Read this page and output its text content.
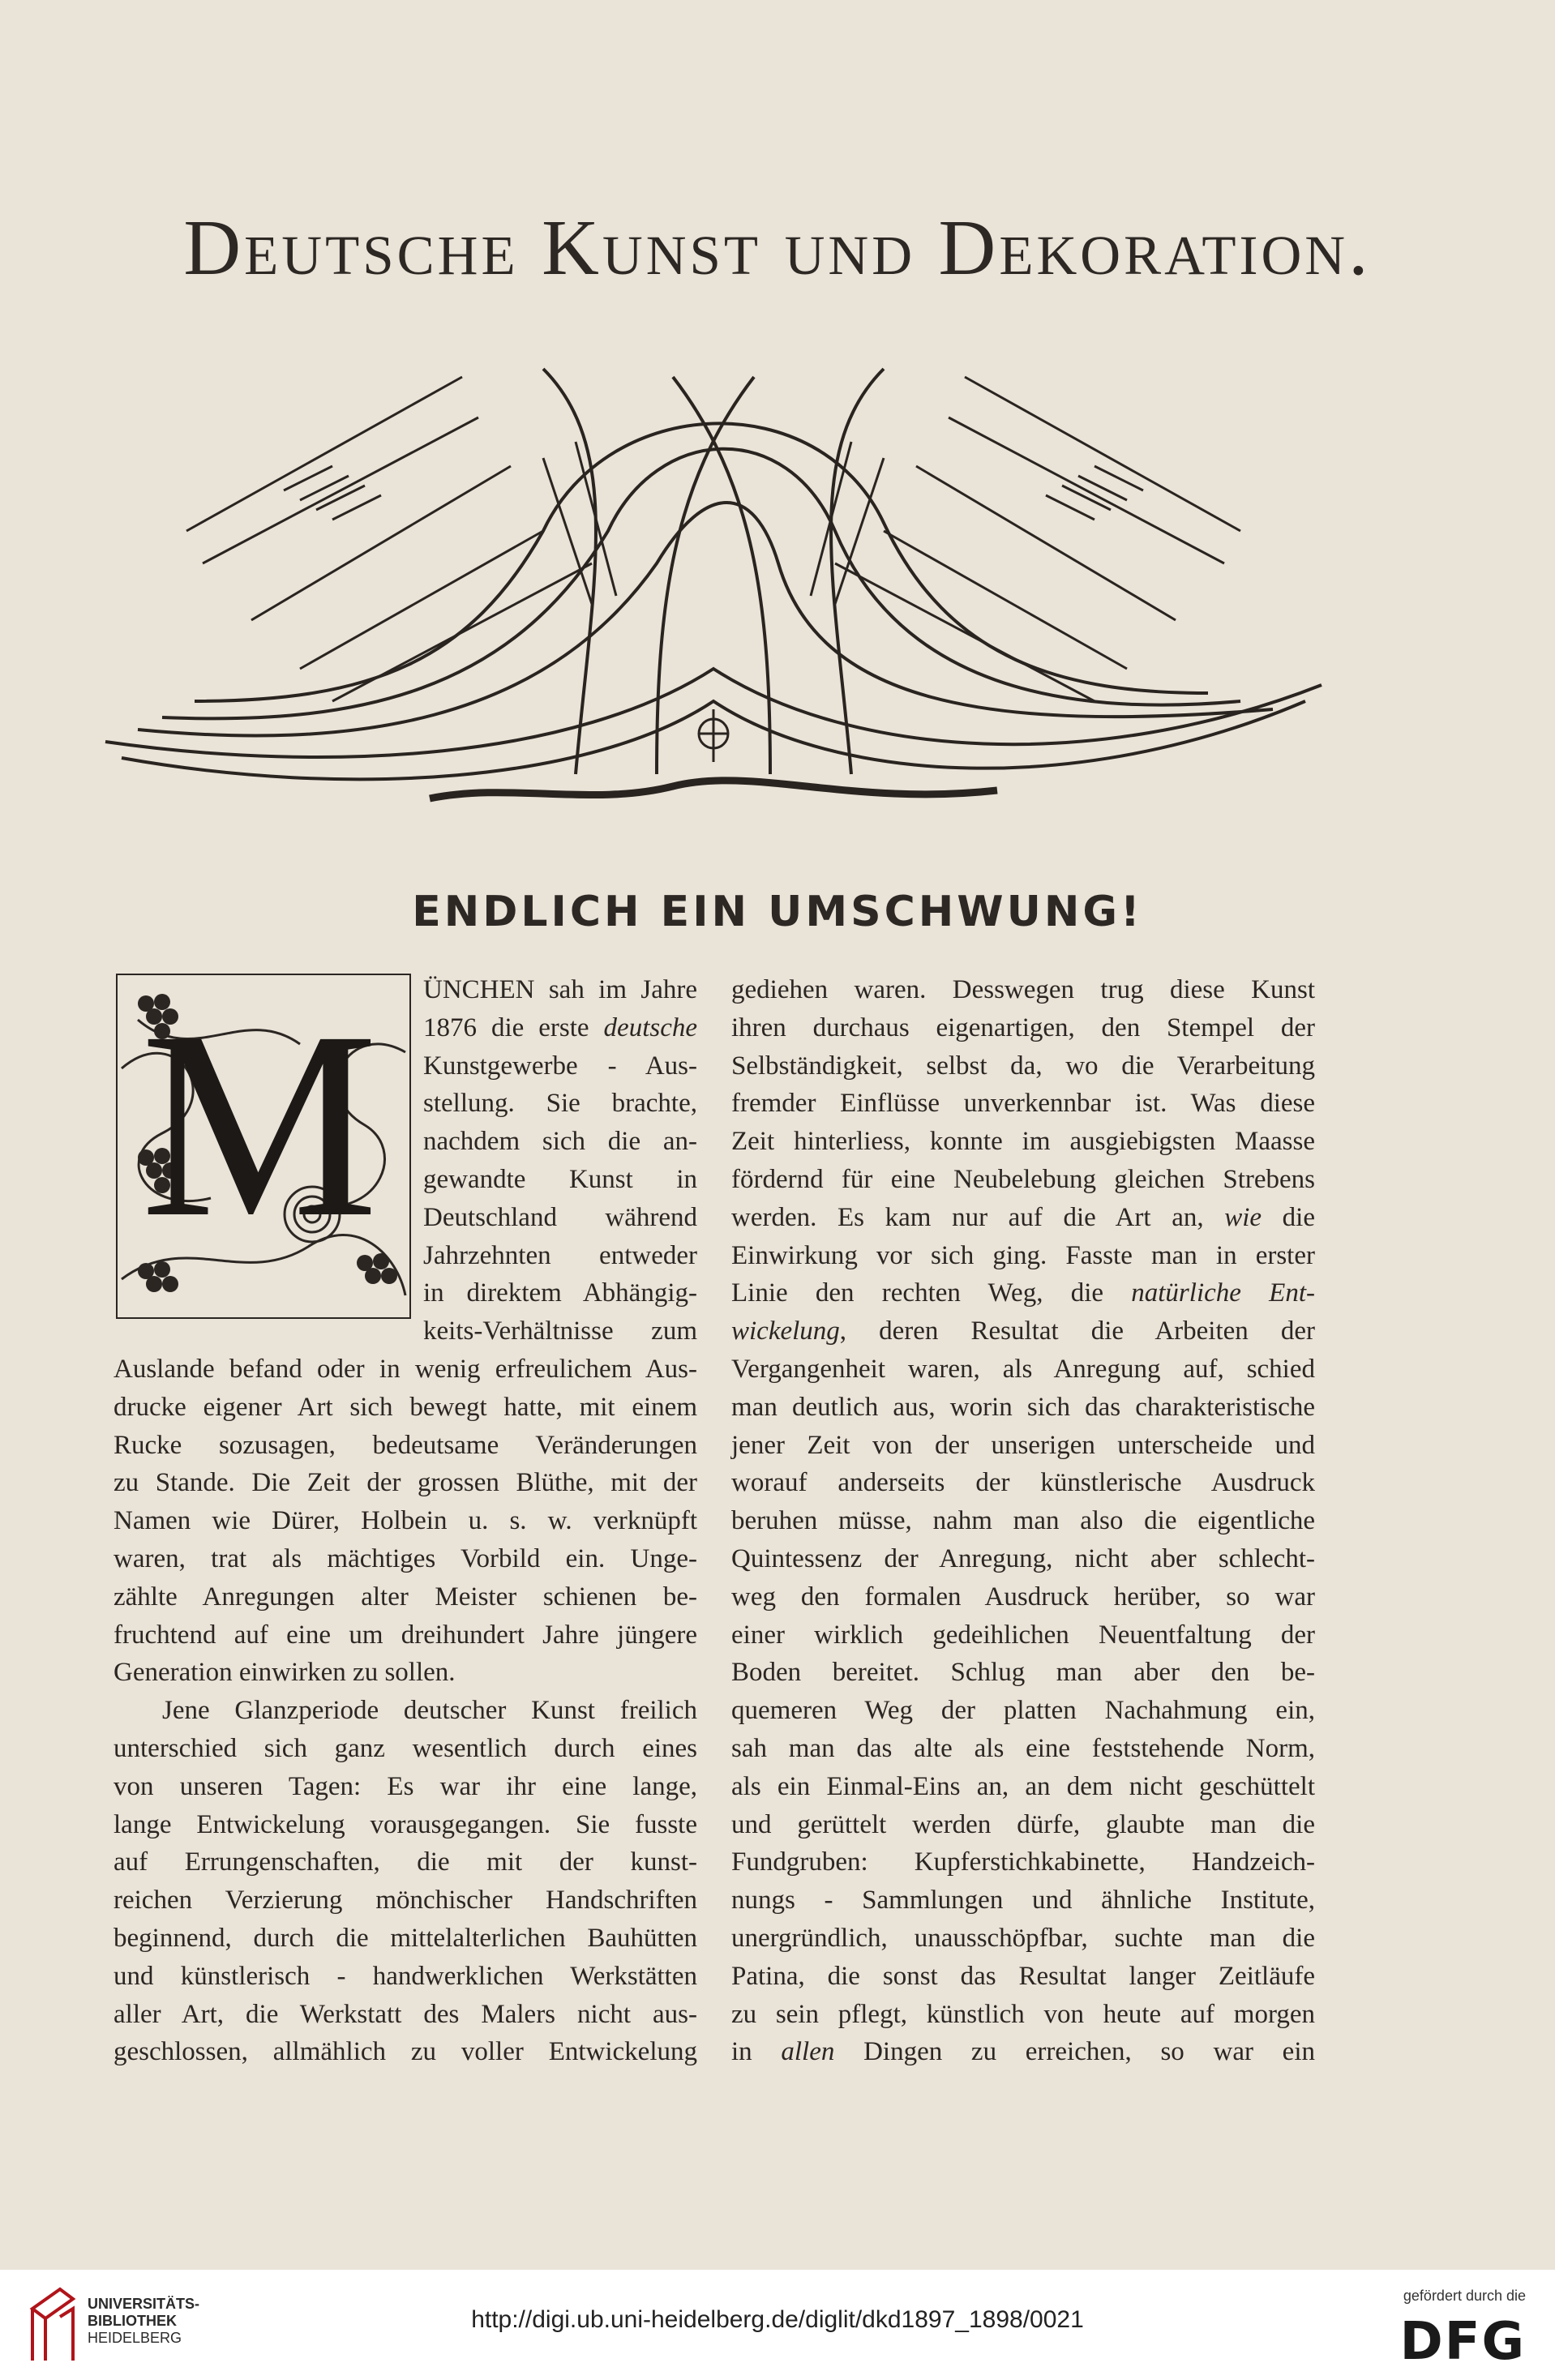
Deutsche Kunst und Dekoration.
ENDLICH EIN UMSCHWUNG!
M	ÜNCHEN sah im Jahre
1876 die erste deutsche
Kunstgewerbe - Aus-
stellung. Sie brachte,
nachdem sich die an-
gewandte Kunst in
Deutschland während
Jahrzehnten entweder
in direktem Abhängig-
keits-Verhältnisse zum
Auslande befand oder in wenig erfreulichem Aus-
drucke eigener Art sich bewegt hatte, mit einem
Rucke sozusagen, bedeutsame Veränderungen
zu Stande. Die Zeit der grossen Blüthe, mit der
Namen wie Dürer, Holbein u. s. w. verknüpft
waren, trat als mächtiges Vorbild ein. Unge-
zählte Anregungen alter Meister schienen be-
fruchtend auf eine um dreihundert Jahre jüngere
Generation einwirken zu sollen.

Jene Glanzperiode deutscher Kunst freilich
unterschied sich ganz wesentlich durch eines
von unseren Tagen: Es war ihr eine lange,
lange Entwickelung vorausgegangen. Sie fusste
auf Errungenschaften, die mit der kunst-
reichen Verzierung mönchischer Handschriften
beginnend, durch die mittelalterlichen Bauhütten
und künstlerisch - handwerklichen Werkstätten
aller Art, die Werkstatt des Malers nicht aus-
geschlossen, allmählich zu voller Entwickelung

gediehen waren. Desswegen trug diese Kunst
ihren durchaus eigenartigen, den Stempel der
Selbständigkeit, selbst da, wo die Verarbeitung
fremder Einflüsse unverkennbar ist. Was diese
Zeit hinterliess, konnte im ausgiebigsten Maasse
fördernd für eine Neubelebung gleichen Strebens
werden. Es kam nur auf die Art an, wie die
Einwirkung vor sich ging. Fasste man in erster
Linie den rechten Weg, die natürliche Ent-
wickelung, deren Resultat die Arbeiten der
Vergangenheit waren, als Anregung auf, schied
man deutlich aus, worin sich das charakteristische
jener Zeit von der unserigen unterscheide und
worauf anderseits der künstlerische Ausdruck
beruhen müsse, nahm man also die eigentliche
Quintessenz der Anregung, nicht aber schlecht-
weg den formalen Ausdruck herüber, so war
einer wirklich gedeihlichen Neuentfaltung der
Boden bereitet. Schlug man aber den be-
quemeren Weg der platten Nachahmung ein,
sah man das alte als eine feststehende Norm,
als ein Einmal-Eins an, an dem nicht geschüttelt
und gerüttelt werden dürfe, glaubte man die
Fundgruben: Kupferstichkabinette, Handzeich-
nungs - Sammlungen und ähnliche Institute,
unergründlich, unausschöpfbar, suchte man die
Patina, die sonst das Resultat langer Zeitläufe
zu sein pflegt, künstlich von heute auf morgen
in allen Dingen zu erreichen, so war ein

UNIVERSITÄTS-
BIBLIOTHEK
HEIDELBERG
http://digi.ub.uni-heidelberg.de/diglit/dkd1897_1898/0021
gefördert durch die
DFG
